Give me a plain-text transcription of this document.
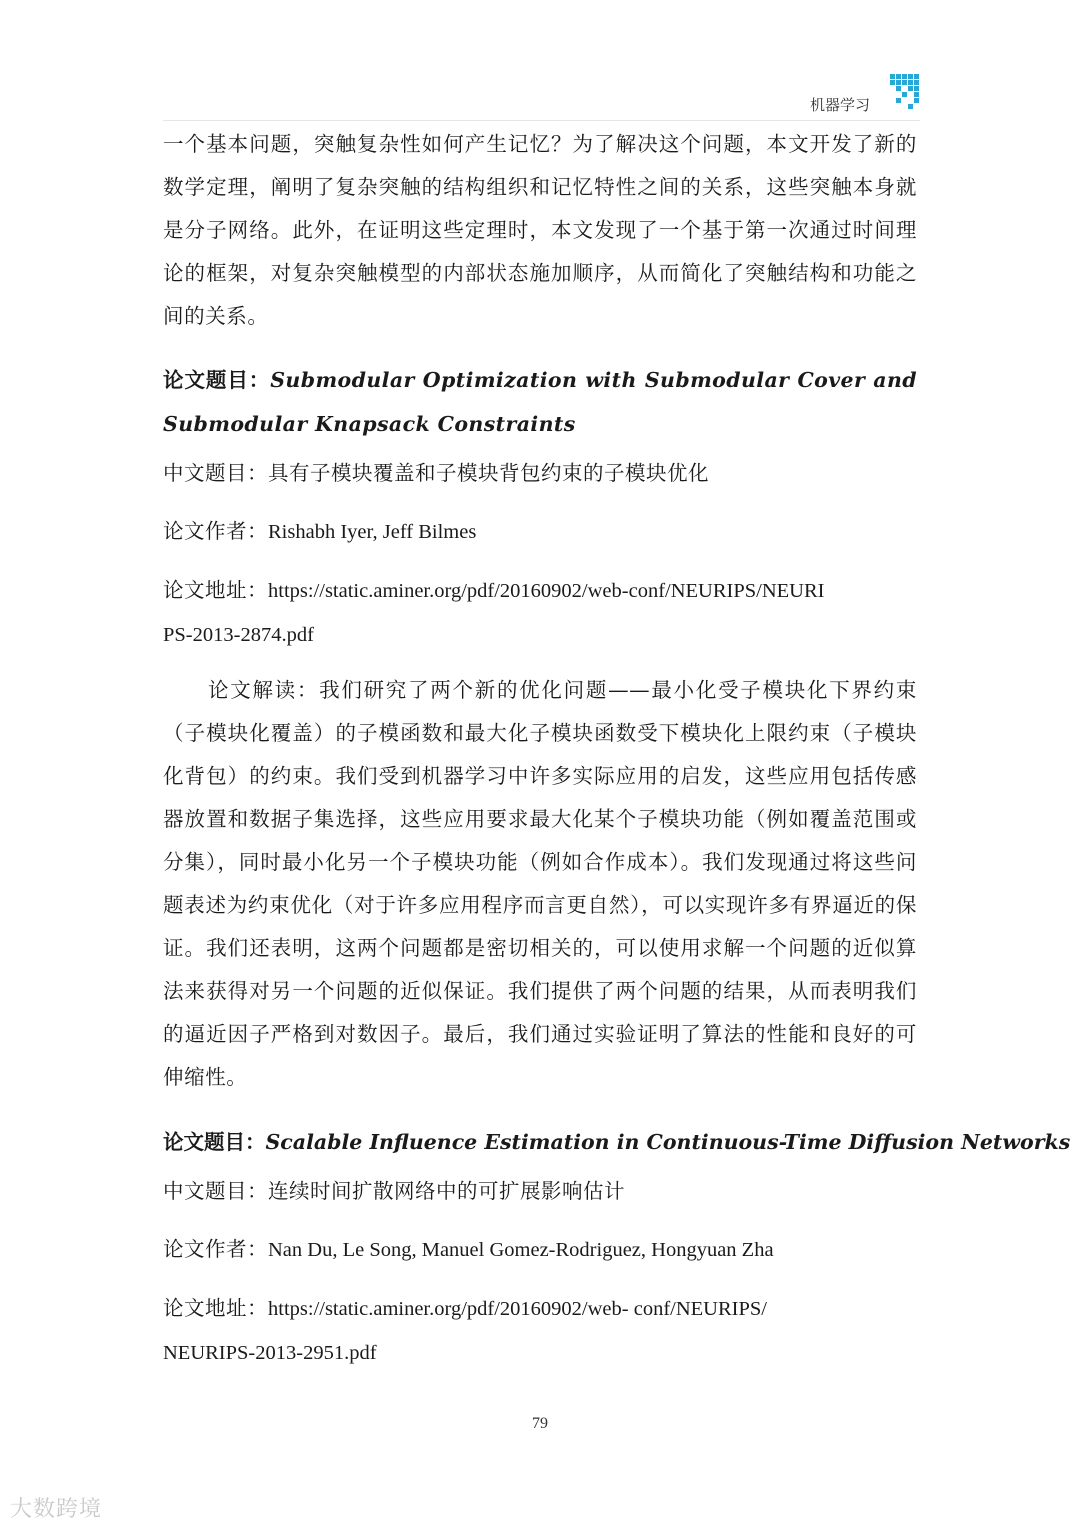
机器学习

一个基本问题，突触复杂性如何产生记忆？为了解决这个问题，本文开发了新的数学定理，阐明了复杂突触的结构组织和记忆特性之间的关系，这些突触本身就是分子网络。此外，在证明这些定理时，本文发现了一个基于第一次通过时间理论的框架，对复杂突触模型的内部状态施加顺序，从而简化了突触结构和功能之间的关系。

论文题目：Submodular Optimization with Submodular Cover and Submodular Knapsack Constraints

中文题目：具有子模块覆盖和子模块背包约束的子模块优化

论文作者：Rishabh Iyer, Jeff Bilmes

论文地址：https://static.aminer.org/pdf/20160902/web-conf/NEURIPS/NEURI
PS-2013-2874.pdf

论文解读：我们研究了两个新的优化问题——最小化受子模块化下界约束（子模块化覆盖）的子模函数和最大化子模块函数受下模块化上限约束（子模块化背包）的约束。我们受到机器学习中许多实际应用的启发，这些应用包括传感器放置和数据子集选择，这些应用要求最大化某个子模块功能（例如覆盖范围或分集），同时最小化另一个子模块功能（例如合作成本）。我们发现通过将这些问题表述为约束优化（对于许多应用程序而言更自然），可以实现许多有界逼近的保证。我们还表明，这两个问题都是密切相关的，可以使用求解一个问题的近似算法来获得对另一个问题的近似保证。我们提供了两个问题的结果，从而表明我们的逼近因子严格到对数因子。最后，我们通过实验证明了算法的性能和良好的可伸缩性。

论文题目：Scalable Influence Estimation in Continuous-Time Diffusion Networks

中文题目：连续时间扩散网络中的可扩展影响估计

论文作者：Nan Du, Le Song, Manuel Gomez-Rodriguez, Hongyuan Zha

论文地址：https://static.aminer.org/pdf/20160902/web- conf/NEURIPS/
NEURIPS-2013-2951.pdf

79
大数跨境
